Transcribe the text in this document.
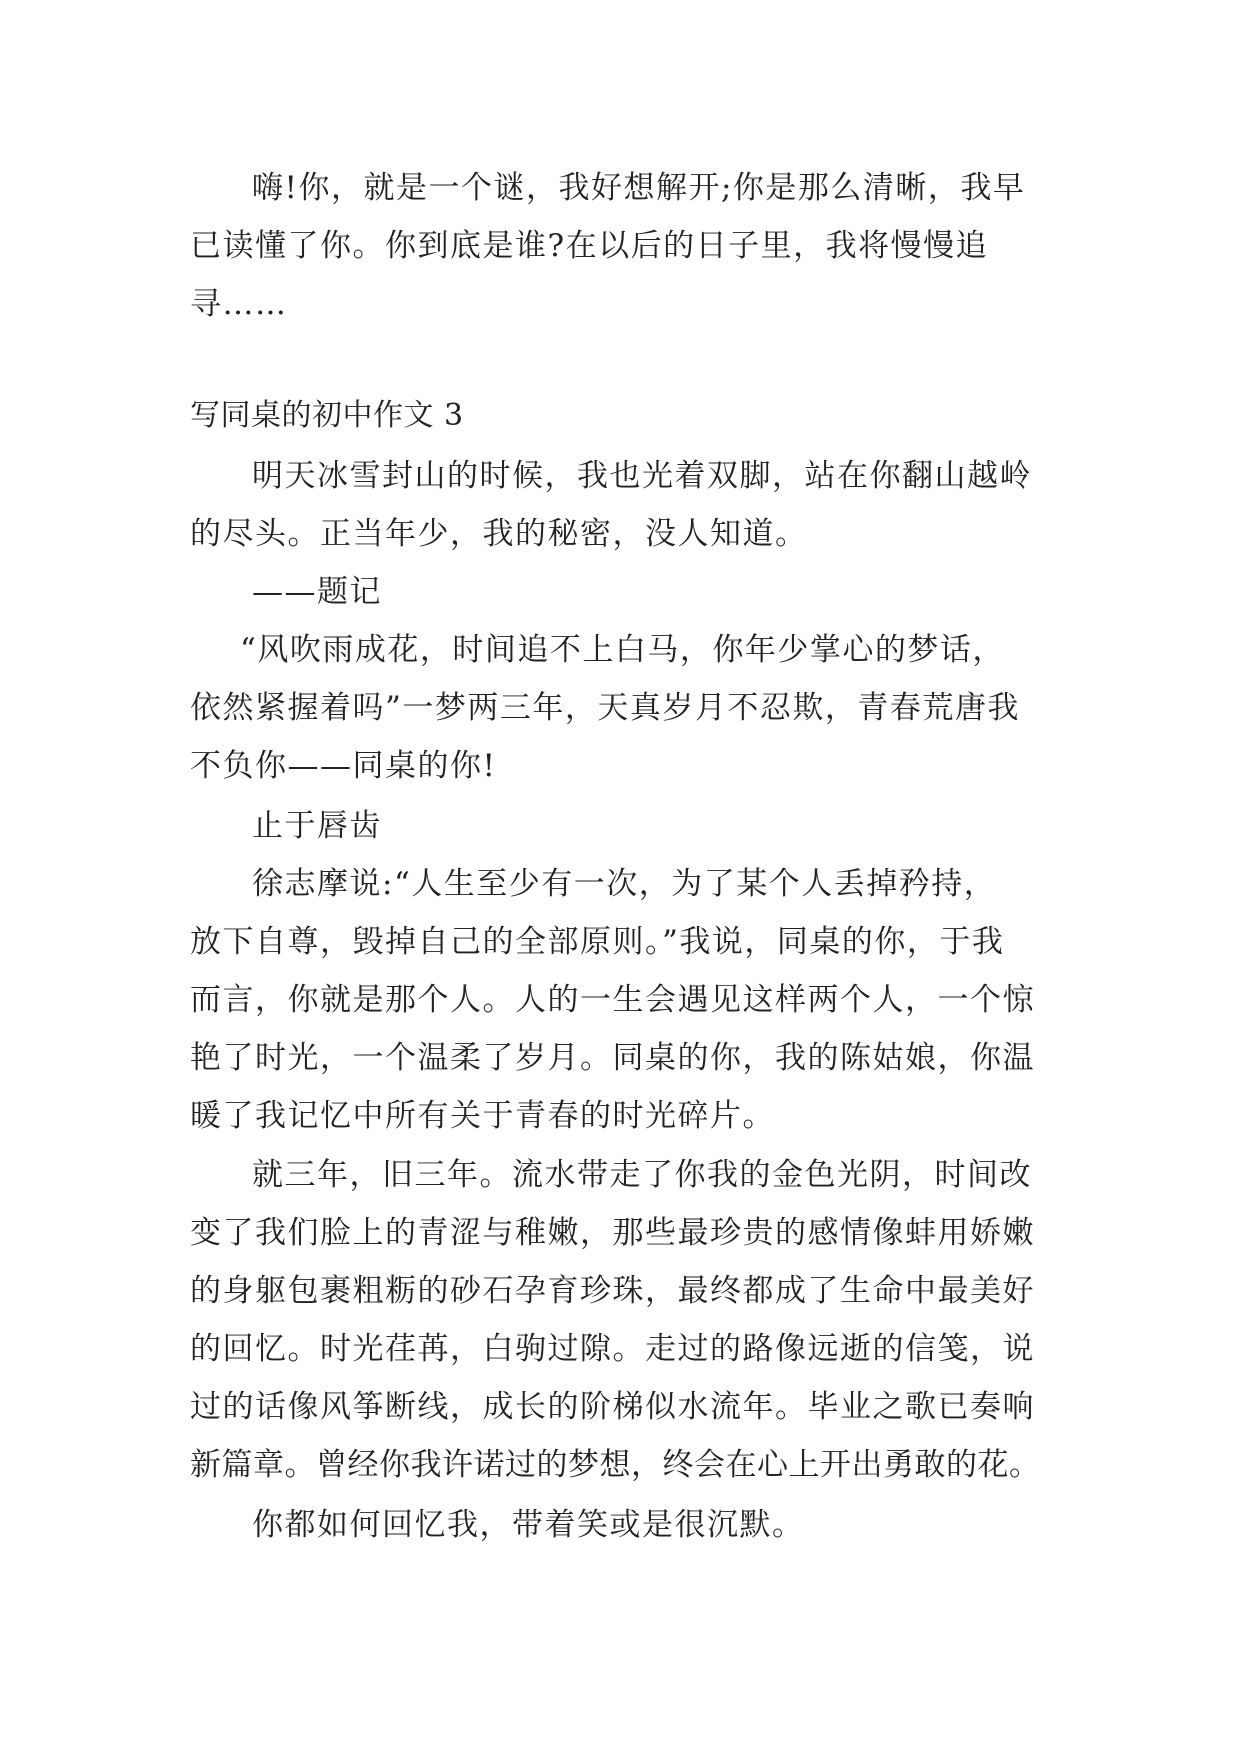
嗨!你，就是一个谜，我好想解开;你是那么清晰，我早
已读懂了你。你到底是谁?在以后的日子里，我将慢慢追
寻……
写同桌的初中作文 3
明天冰雪封山的时候，我也光着双脚，站在你翻山越岭
的尽头。正当年少，我的秘密，没人知道。
——题记
“风吹雨成花，时间追不上白马，你年少掌心的梦话，
依然紧握着吗”一梦两三年，天真岁月不忍欺，青春荒唐我
不负你——同桌的你!
止于唇齿
徐志摩说:“人生至少有一次，为了某个人丢掉矜持，
放下自尊，毁掉自己的全部原则。”我说，同桌的你，于我
而言，你就是那个人。人的一生会遇见这样两个人，一个惊
艳了时光，一个温柔了岁月。同桌的你，我的陈姑娘，你温
暖了我记忆中所有关于青春的时光碎片。
就三年，旧三年。流水带走了你我的金色光阴，时间改
变了我们脸上的青涩与稚嫩，那些最珍贵的感情像蚌用娇嫩
的身躯包裹粗粝的砂石孕育珍珠，最终都成了生命中最美好
的回忆。时光荏苒，白驹过隙。走过的路像远逝的信笺，说
过的话像风筝断线，成长的阶梯似水流年。毕业之歌已奏响
新篇章。曾经你我许诺过的梦想，终会在心上开出勇敢的花。
你都如何回忆我，带着笑或是很沉默。
